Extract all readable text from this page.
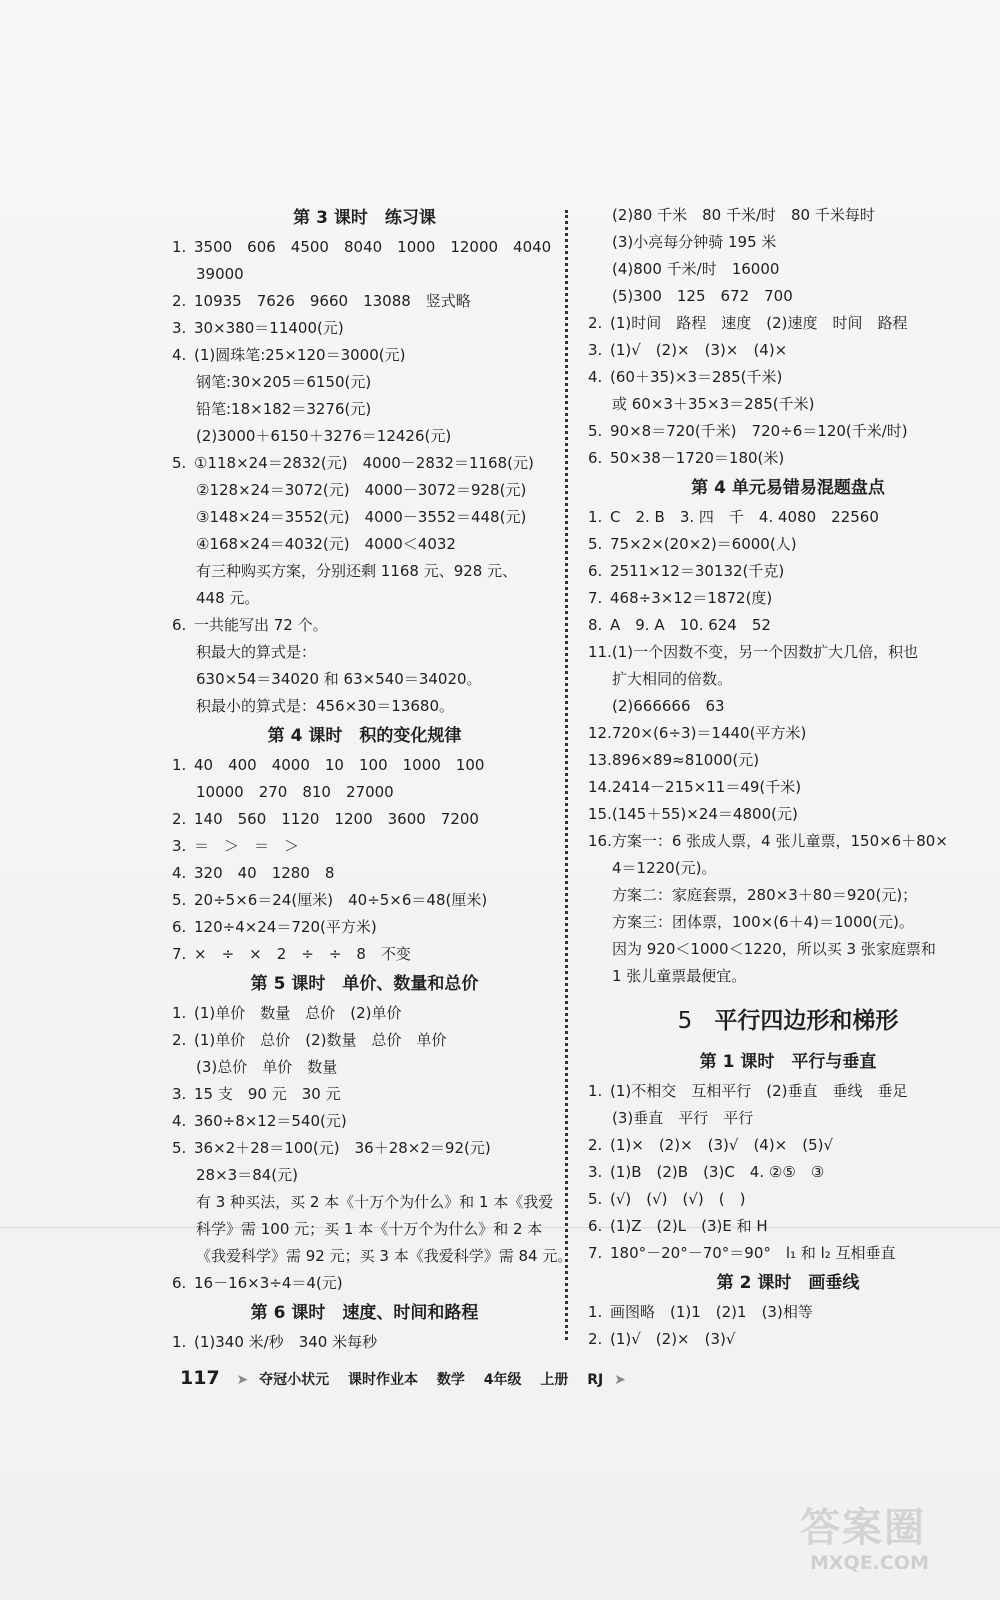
第 3 课时　练习课
1. 3500　606　4500　8040　1000　12000　4040
39000
2. 10935　7626　9660　13088　竖式略
3. 30×380＝11400(元)
4. (1)圆珠笔:25×120＝3000(元)
钢笔:30×205＝6150(元)
铅笔:18×182＝3276(元)
(2)3000＋6150＋3276＝12426(元)
5. ①118×24＝2832(元)　4000－2832＝1168(元)
②128×24＝3072(元)　4000－3072＝928(元)
③148×24＝3552(元)　4000－3552＝448(元)
④168×24＝4032(元)　4000＜4032
有三种购买方案，分别还剩 1168 元、928 元、
448 元。
6. 一共能写出 72 个。
积最大的算式是：
630×54＝34020 和 63×540＝34020。
积最小的算式是：456×30＝13680。
第 4 课时　积的变化规律
1. 40　400　4000　10　100　1000　100
10000　270　810　27000
2. 140　560　1120　1200　3600　7200
3. ＝　＞　＝　＞
4. 320　40　1280　8
5. 20÷5×6＝24(厘米)　40÷5×6＝48(厘米)
6. 120÷4×24＝720(平方米)
7. ×　÷　×　2　÷　÷　8　不变
第 5 课时　单价、数量和总价
1. (1)单价　数量　总价　(2)单价
2. (1)单价　总价　(2)数量　总价　单价
(3)总价　单价　数量
3. 15 支　90 元　30 元
4. 360÷8×12＝540(元)
5. 36×2＋28＝100(元)　36＋28×2＝92(元)
28×3＝84(元)
有 3 种买法，买 2 本《十万个为什么》和 1 本《我爱
科学》需 100 元；买 1 本《十万个为什么》和 2 本
《我爱科学》需 92 元；买 3 本《我爱科学》需 84 元。
6. 16－16×3÷4＝4(元)
第 6 课时　速度、时间和路程
1. (1)340 米/秒　340 米每秒
(2)80 千米　80 千米/时　80 千米每时
(3)小亮每分钟骑 195 米
(4)800 千米/时　16000
(5)300　125　672　700
2. (1)时间　路程　速度　(2)速度　时间　路程
3. (1)√　(2)×　(3)×　(4)×
4. (60＋35)×3＝285(千米)
或 60×3＋35×3＝285(千米)
5. 90×8＝720(千米)　720÷6＝120(千米/时)
6. 50×38－1720＝180(米)
第 4 单元易错易混题盘点
1. C　2. B　3. 四　千　4. 4080　22560
5. 75×2×(20×2)＝6000(人)
6. 2511×12＝30132(千克)
7. 468÷3×12＝1872(度)
8. A　9. A　10. 624　52
11.(1)一个因数不变，另一个因数扩大几倍，积也
扩大相同的倍数。
(2)666666　63
12.720×(6÷3)＝1440(平方米)
13.896×89≈81000(元)
14.2414－215×11＝49(千米)
15.(145＋55)×24＝4800(元)
16.方案一：6 张成人票，4 张儿童票，150×6＋80×
4＝1220(元)。
方案二：家庭套票，280×3＋80＝920(元)；
方案三：团体票，100×(6＋4)＝1000(元)。
因为 920＜1000＜1220，所以买 3 张家庭票和
1 张儿童票最便宜。
5 平行四边形和梯形
第 1 课时　平行与垂直
1. (1)不相交　互相平行　(2)垂直　垂线　垂足
(3)垂直　平行　平行
2. (1)×　(2)×　(3)√　(4)×　(5)√
3. (1)B　(2)B　(3)C　4. ②⑤　③
5. (√)　(√)　(√)　(　)
6. (1)Z　(2)L　(3)E 和 H
7. 180°－20°－70°＝90°　l₁ 和 l₂ 互相垂直
第 2 课时　画垂线
1. 画图略　(1)1　(2)1　(3)相等
2. (1)√　(2)×　(3)√
117 ➤ 夺冠小状元 课时作业本 数学 4年级 上册 RJ ➤
答案圈
MXQE.COM
